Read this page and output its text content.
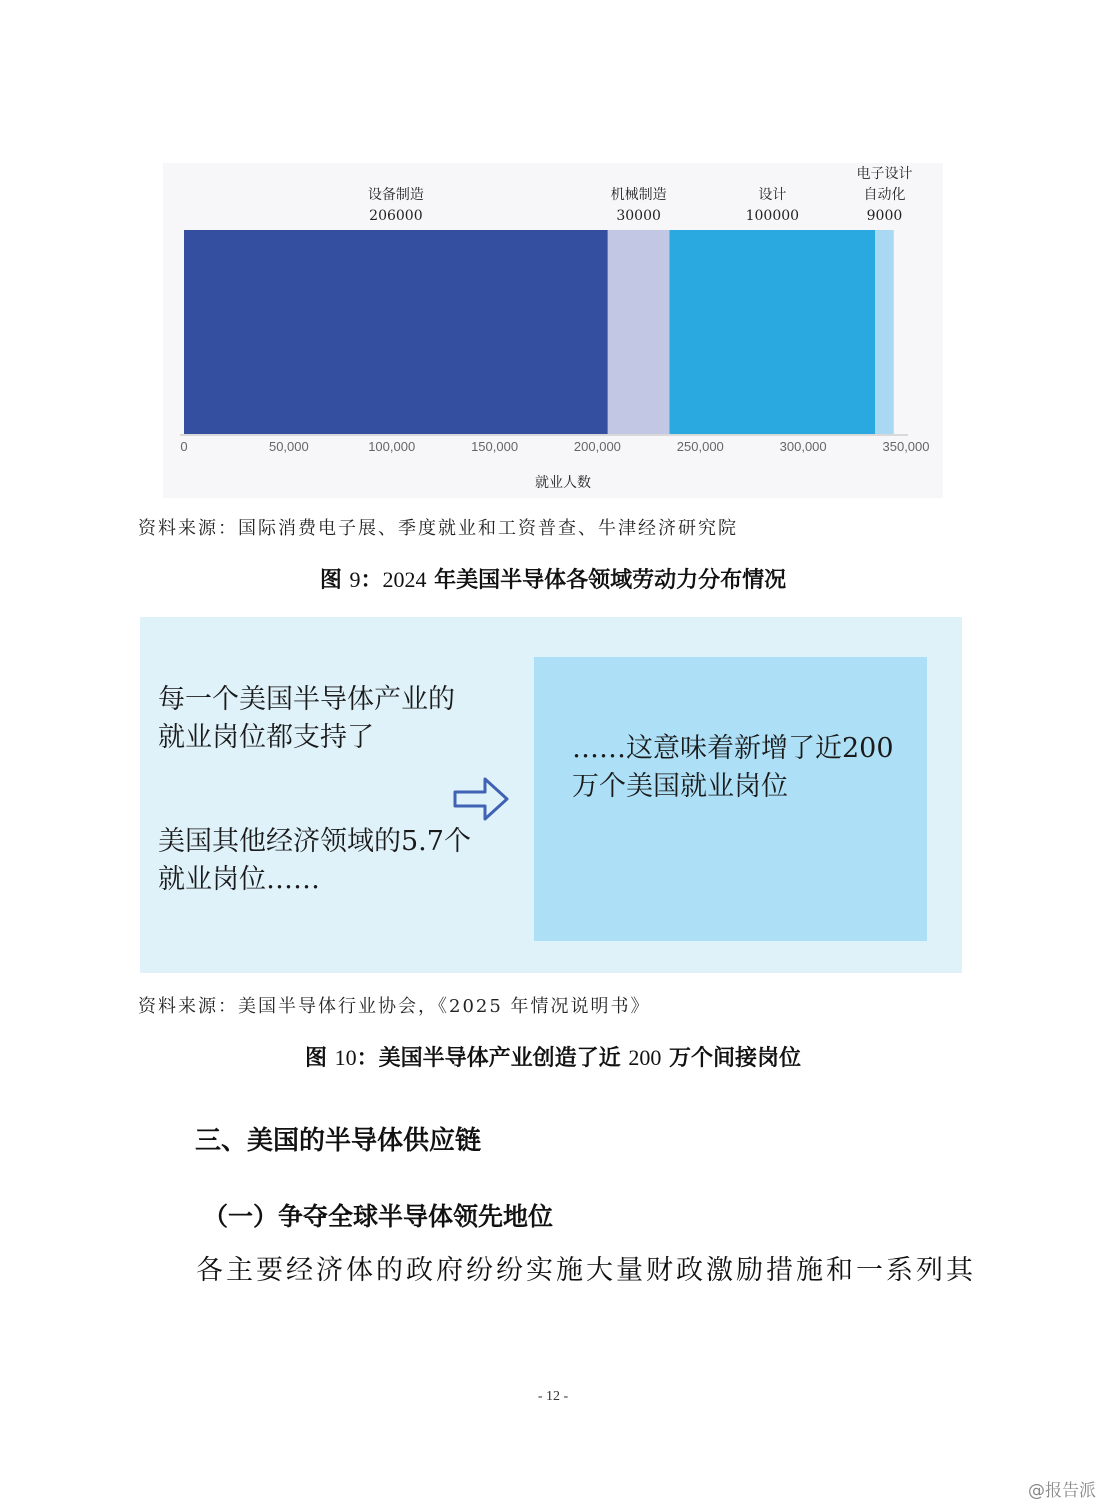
设备制造
206000
机械制造
30000
设计
100000
电子设计
自动化
9000
0	50,000	100,000	150,000	200,000	250,000	300,000	350,000
就业人数
资料来源：国际消费电子展、季度就业和工资普查、牛津经济研究院
图 9：2024 年美国半导体各领域劳动力分布情况
每一个美国半导体产业的就业岗位都支持了
美国其他经济领域的5.7个就业岗位……
……这意味着新增了近200万个美国就业岗位
资料来源：美国半导体行业协会，《2025 年情况说明书》
图 10：美国半导体产业创造了近 200 万个间接岗位
三、美国的半导体供应链
（一）争夺全球半导体领先地位
各主要经济体的政府纷纷实施大量财政激励措施和一系列其
- 12 -
@报告派
